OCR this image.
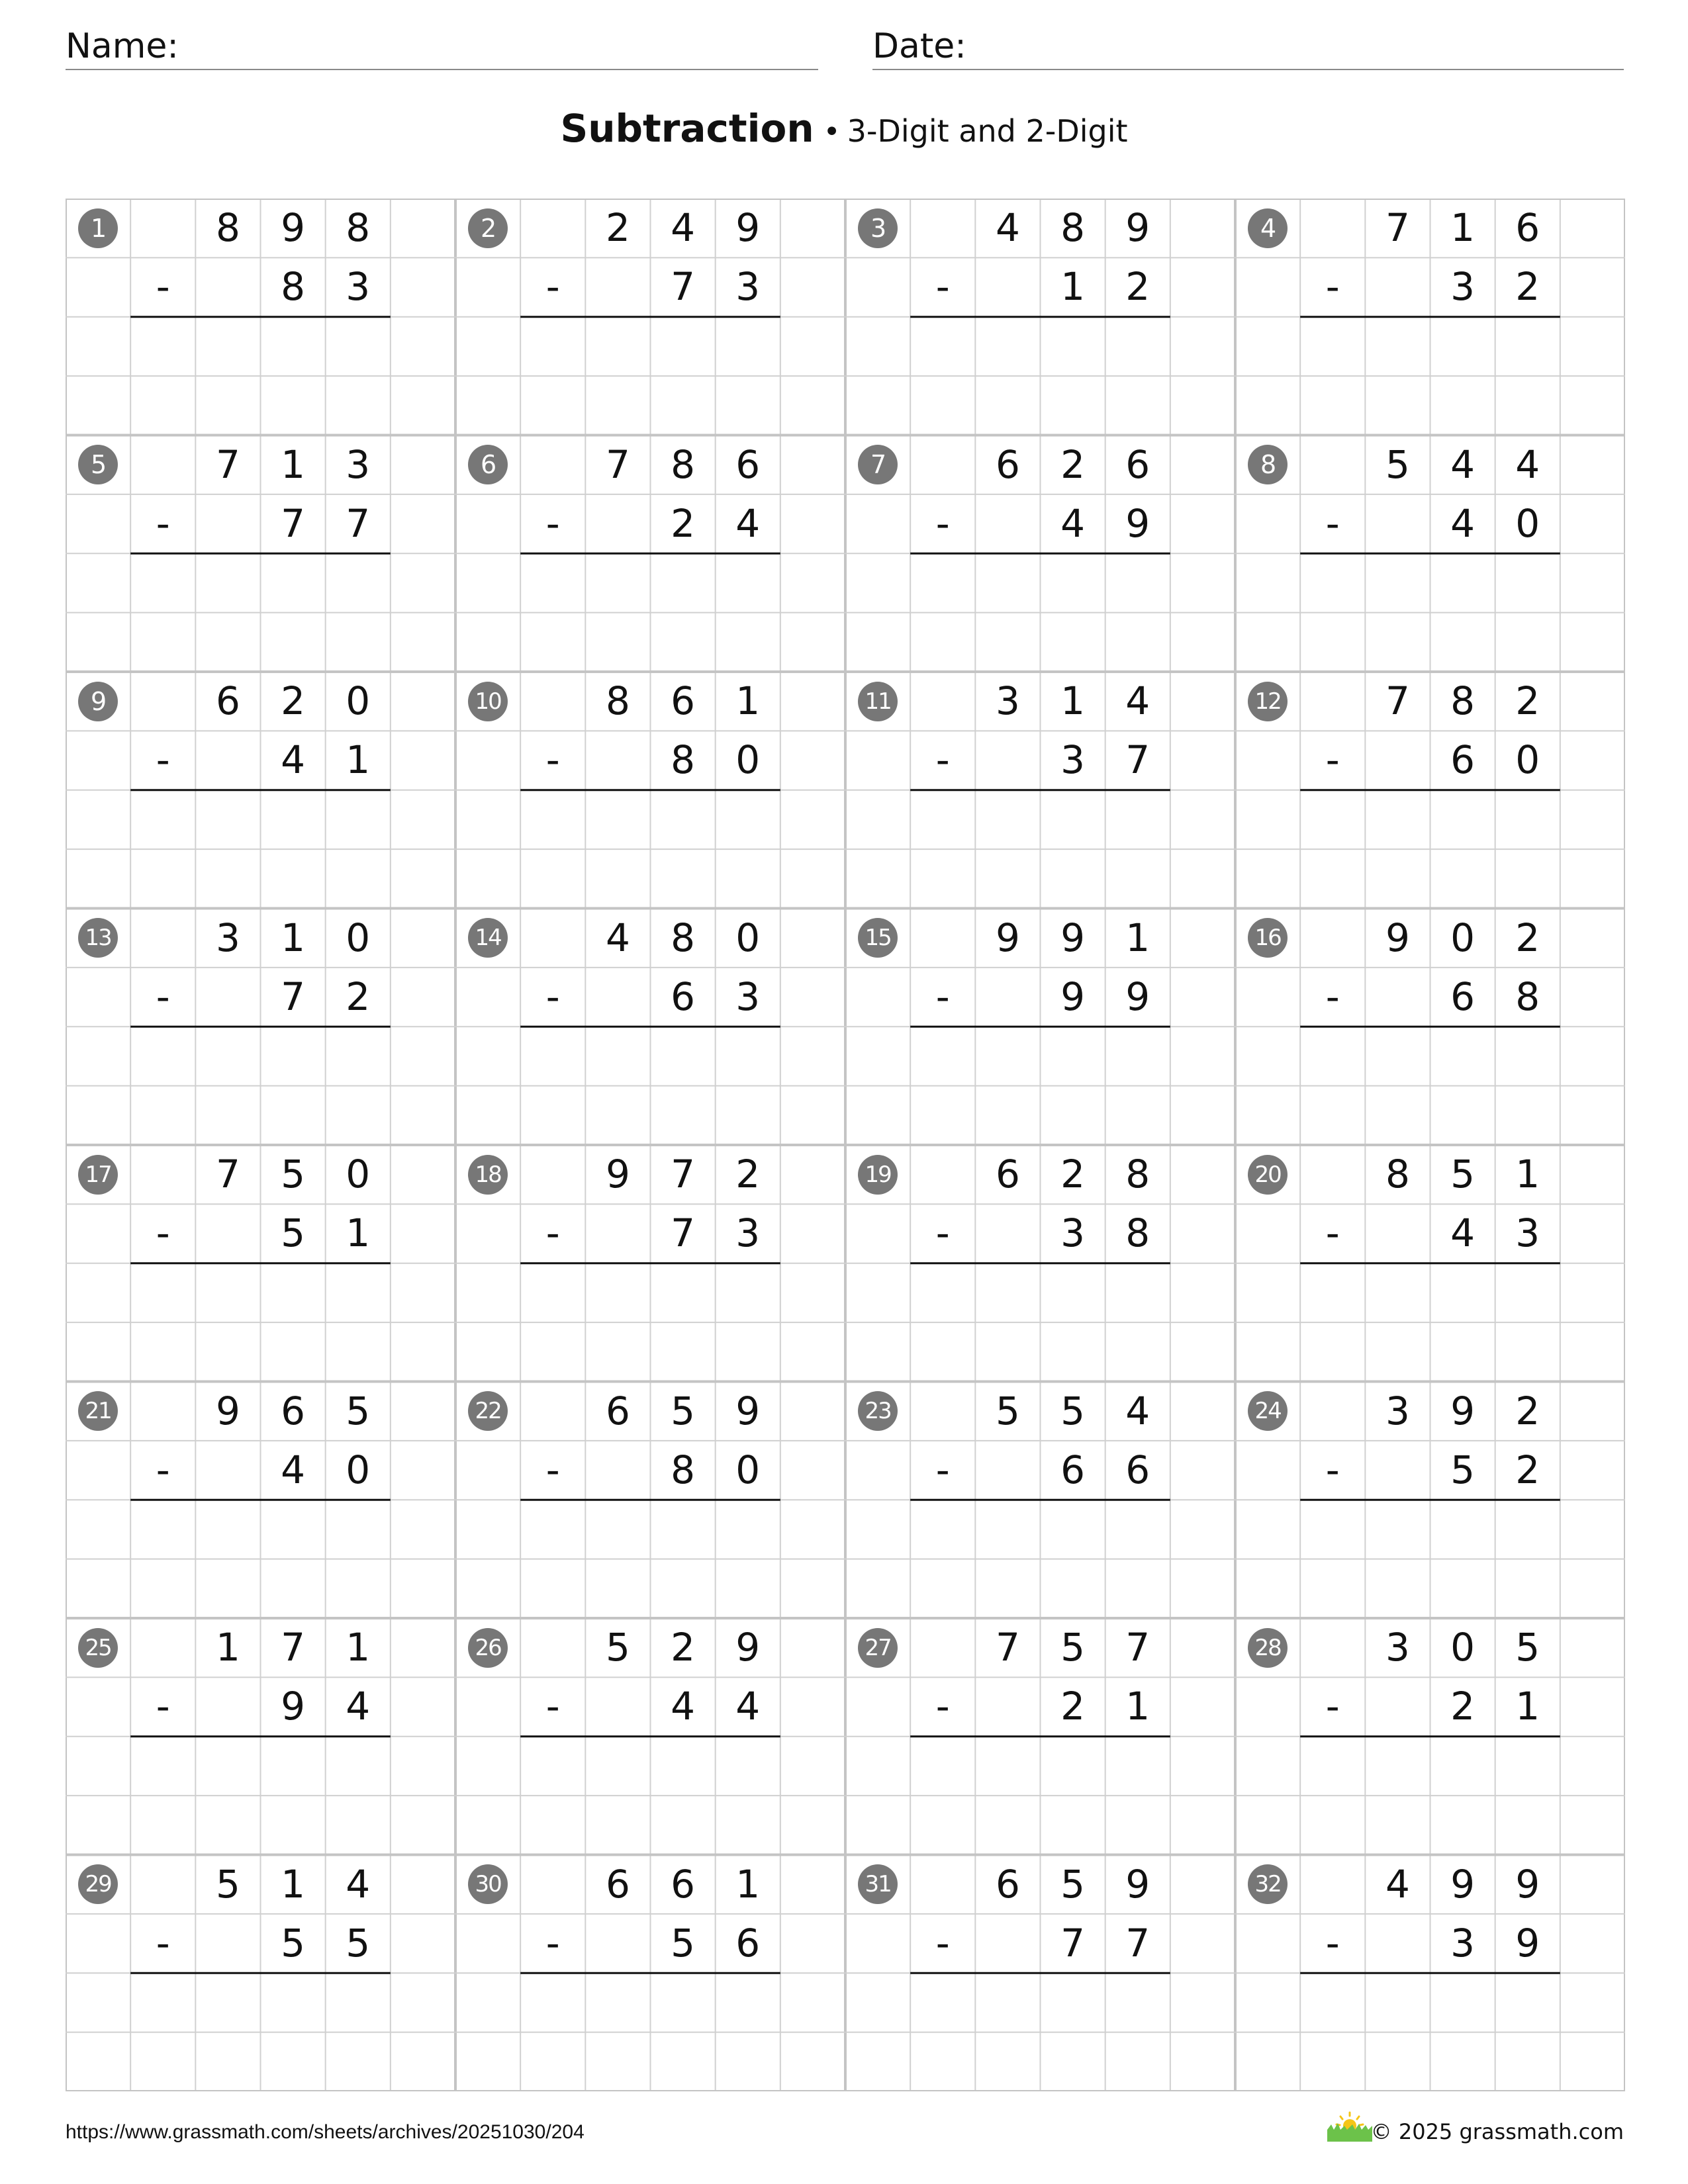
Name:	Date:
Subtraction • 3-Digit and 2-Digit
1	8	9	8
-	8	3
2	2	4	9
-	7	3
3	4	8	9
-	1	2
4	7	1	6
-	3	2
5	7	1	3
-	7	7
6	7	8	6
-	2	4
7	6	2	6
-	4	9
8	5	4	4
-	4	0
9	6	2	0
-	4	1
10	8	6	1
-	8	0
11	3	1	4
-	3	7
12	7	8	2
-	6	0
13	3	1	0
-	7	2
14	4	8	0
-	6	3
15	9	9	1
-	9	9
16	9	0	2
-	6	8
17	7	5	0
-	5	1
18	9	7	2
-	7	3
19	6	2	8
-	3	8
20	8	5	1
-	4	3
21	9	6	5
-	4	0
22	6	5	9
-	8	0
23	5	5	4
-	6	6
24	3	9	2
-	5	2
25	1	7	1
-	9	4
26	5	2	9
-	4	4
27	7	5	7
-	2	1
28	3	0	5
-	2	1
29	5	1	4
-	5	5
30	6	6	1
-	5	6
31	6	5	9
-	7	7
32	4	9	9
-	3	9
https://www.grassmath.com/sheets/archives/20251030/204	© 2025 grassmath.com
